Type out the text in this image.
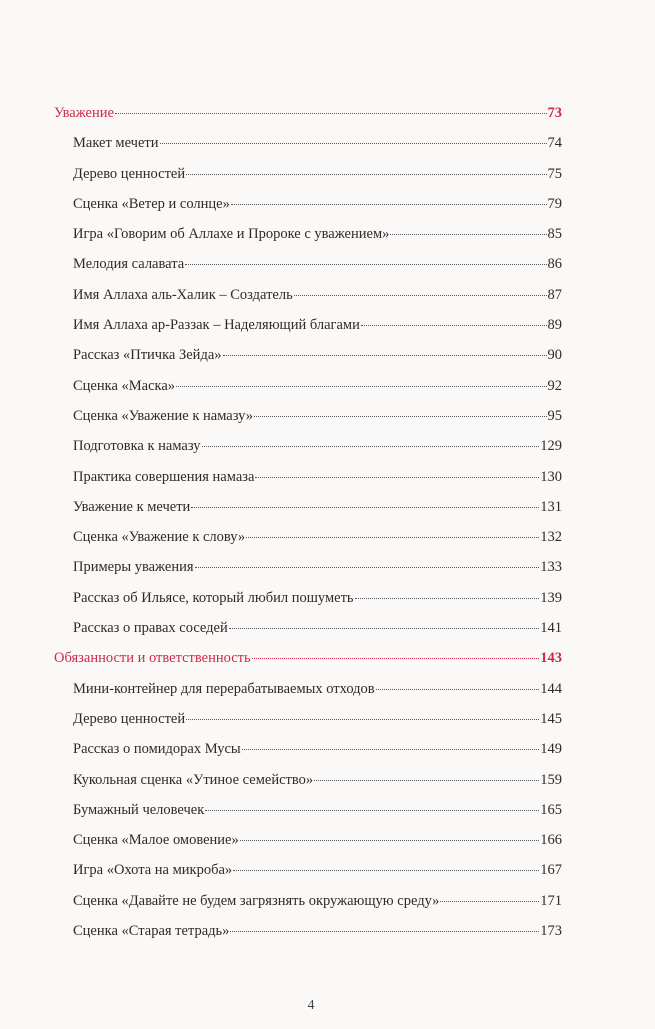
Уважение	73
Макет мечети	74
Дерево ценностей	75
Сценка «Ветер и солнце»	79
Игра «Говорим об Аллахе и Пророке с уважением»	85
Мелодия салавата	86
Имя Аллаха аль-Халик – Создатель	87
Имя Аллаха ар-Раззак – Наделяющий благами	89
Рассказ «Птичка Зейда»	90
Сценка «Маска»	92
Сценка «Уважение к намазу»	95
Подготовка к намазу	129
Практика совершения намаза	130
Уважение к мечети	131
Сценка «Уважение к слову»	132
Примеры уважения	133
Рассказ об Ильясе, который любил пошуметь	139
Рассказ о правах соседей	141
Обязанности и ответственность	143
Мини-контейнер для перерабатываемых отходов	144
Дерево ценностей	145
Рассказ о помидорах Мусы	149
Кукольная сценка «Утиное семейство»	159
Бумажный человечек	165
Сценка «Малое омовение»	166
Игра «Охота на микроба»	167
Сценка «Давайте не будем загрязнять окружающую среду»	171
Сценка «Старая тетрадь»	173
4
